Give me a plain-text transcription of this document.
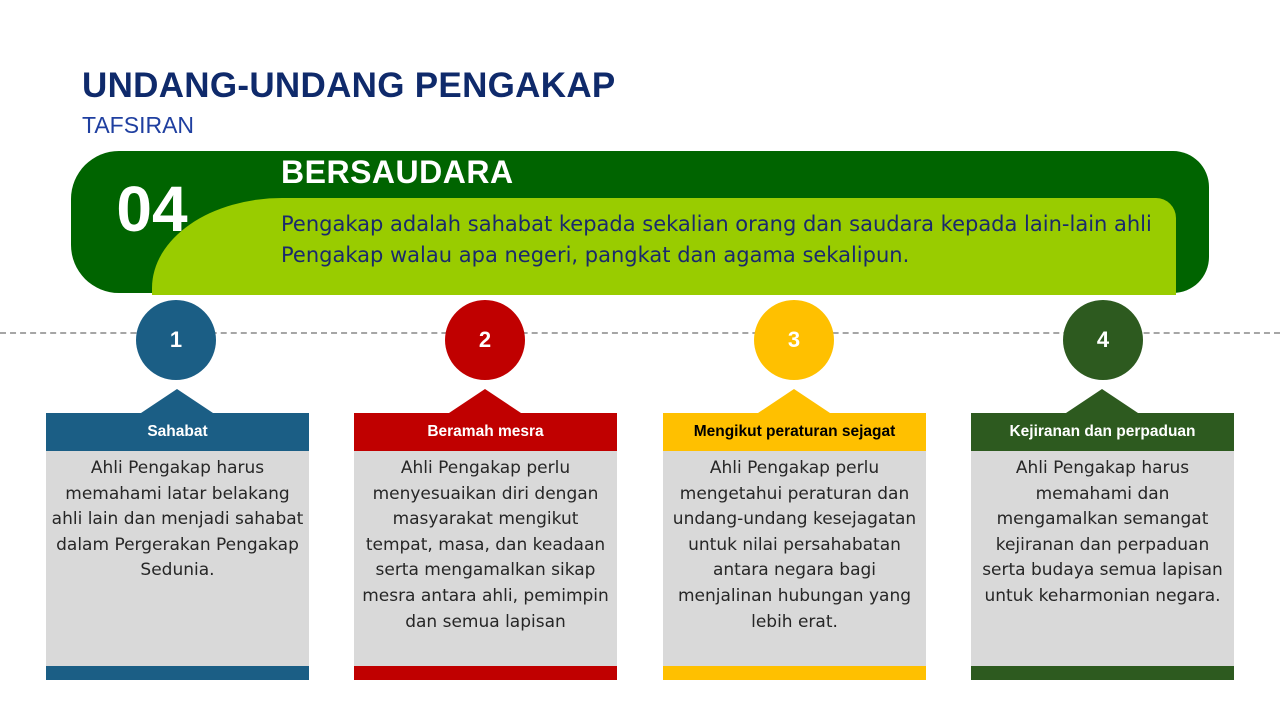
UNDANG-UNDANG PENGAKAP
TAFSIRAN
04
BERSAUDARA
Pengakap adalah sahabat kepada sekalian orang dan saudara kepada lain-lain ahli Pengakap walau apa negeri, pangkat dan agama sekalipun.
1
Sahabat
Ahli Pengakap harus memahami latar belakang ahli lain dan menjadi sahabat dalam Pergerakan Pengakap Sedunia.
2
Beramah mesra
Ahli Pengakap perlu menyesuaikan diri dengan masyarakat mengikut tempat, masa, dan keadaan serta mengamalkan sikap mesra antara ahli, pemimpin dan semua lapisan
3
Mengikut peraturan sejagat
Ahli Pengakap perlu mengetahui peraturan dan undang-undang kesejagatan untuk nilai persahabatan antara negara bagi menjalinan hubungan yang lebih erat.
4
Kejiranan dan perpaduan
Ahli Pengakap harus memahami dan mengamalkan semangat kejiranan dan perpaduan serta budaya semua lapisan untuk keharmonian negara.
